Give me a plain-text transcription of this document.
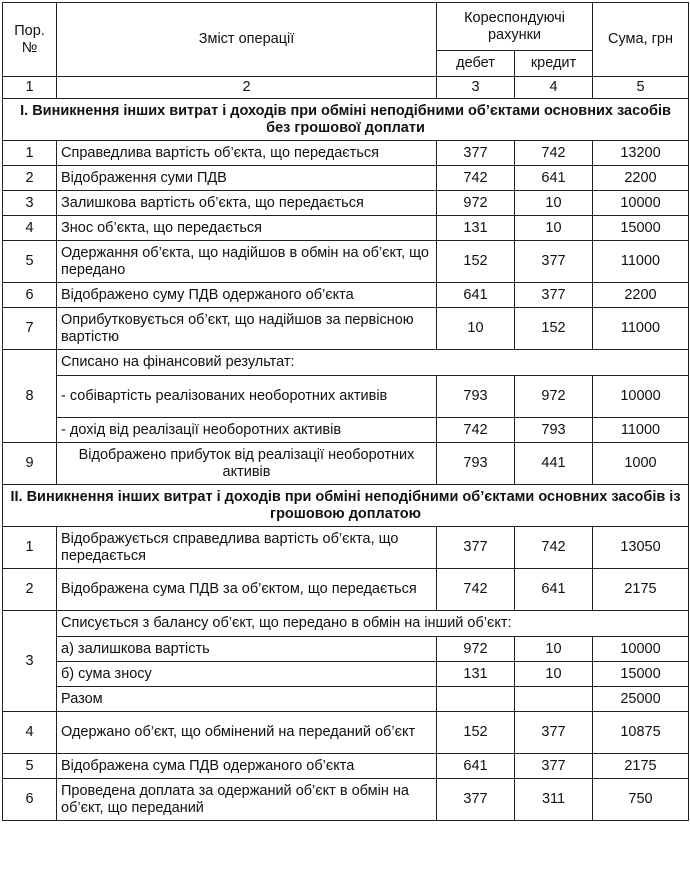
Пор. №	Зміст операції	Кореспондуючі рахунки		Сума, грн
		дебет	кредит	
1	2	3	4	5
I. Виникнення інших витрат і доходів при обміні неподібними об’єктами основних засобів без грошової доплати				
1	Справедлива вартість об’єкта, що передається	377	742	13200
2	Відображення суми ПДВ	742	641	2200
3	Залишкова вартість об’єкта, що передається	972	10	10000
4	Знос об’єкта, що передається	131	10	15000
5	Одержання об’єкта, що надійшов в обмін на об’єкт, що передано	152	377	11000
6	Відображено суму ПДВ одержаного об’єкта	641	377	2200
7	Оприбутковується об’єкт, що надійшов за первісною вартістю	10	152	11000
8	Списано на фінансовий результат:			
	- собівартість реалізованих необоротних активів	793	972	10000
	- дохід від реалізації необоротних активів	742	793	11000
9	Відображено прибуток від реалізації необоротних активів	793	441	1000
II. Виникнення інших витрат і доходів при обміні неподібними об’єктами основних засобів із грошовою доплатою				
1	Відображується справедлива вартість об’єкта, що передається	377	742	13050
2	Відображена сума ПДВ за об’єктом, що передається	742	641	2175
3	Списується з балансу об’єкт, що передано в обмін на інший об’єкт:			
	а) залишкова вартість	972	10	10000
	б) сума зносу	131	10	15000
	Разом			25000
4	Одержано об’єкт, що обмінений на переданий об’єкт	152	377	10875
5	Відображена сума ПДВ одержаного об’єкта	641	377	2175
6	Проведена доплата за одержаний об’єкт в обмін на об’єкт, що переданий	377	311	750
